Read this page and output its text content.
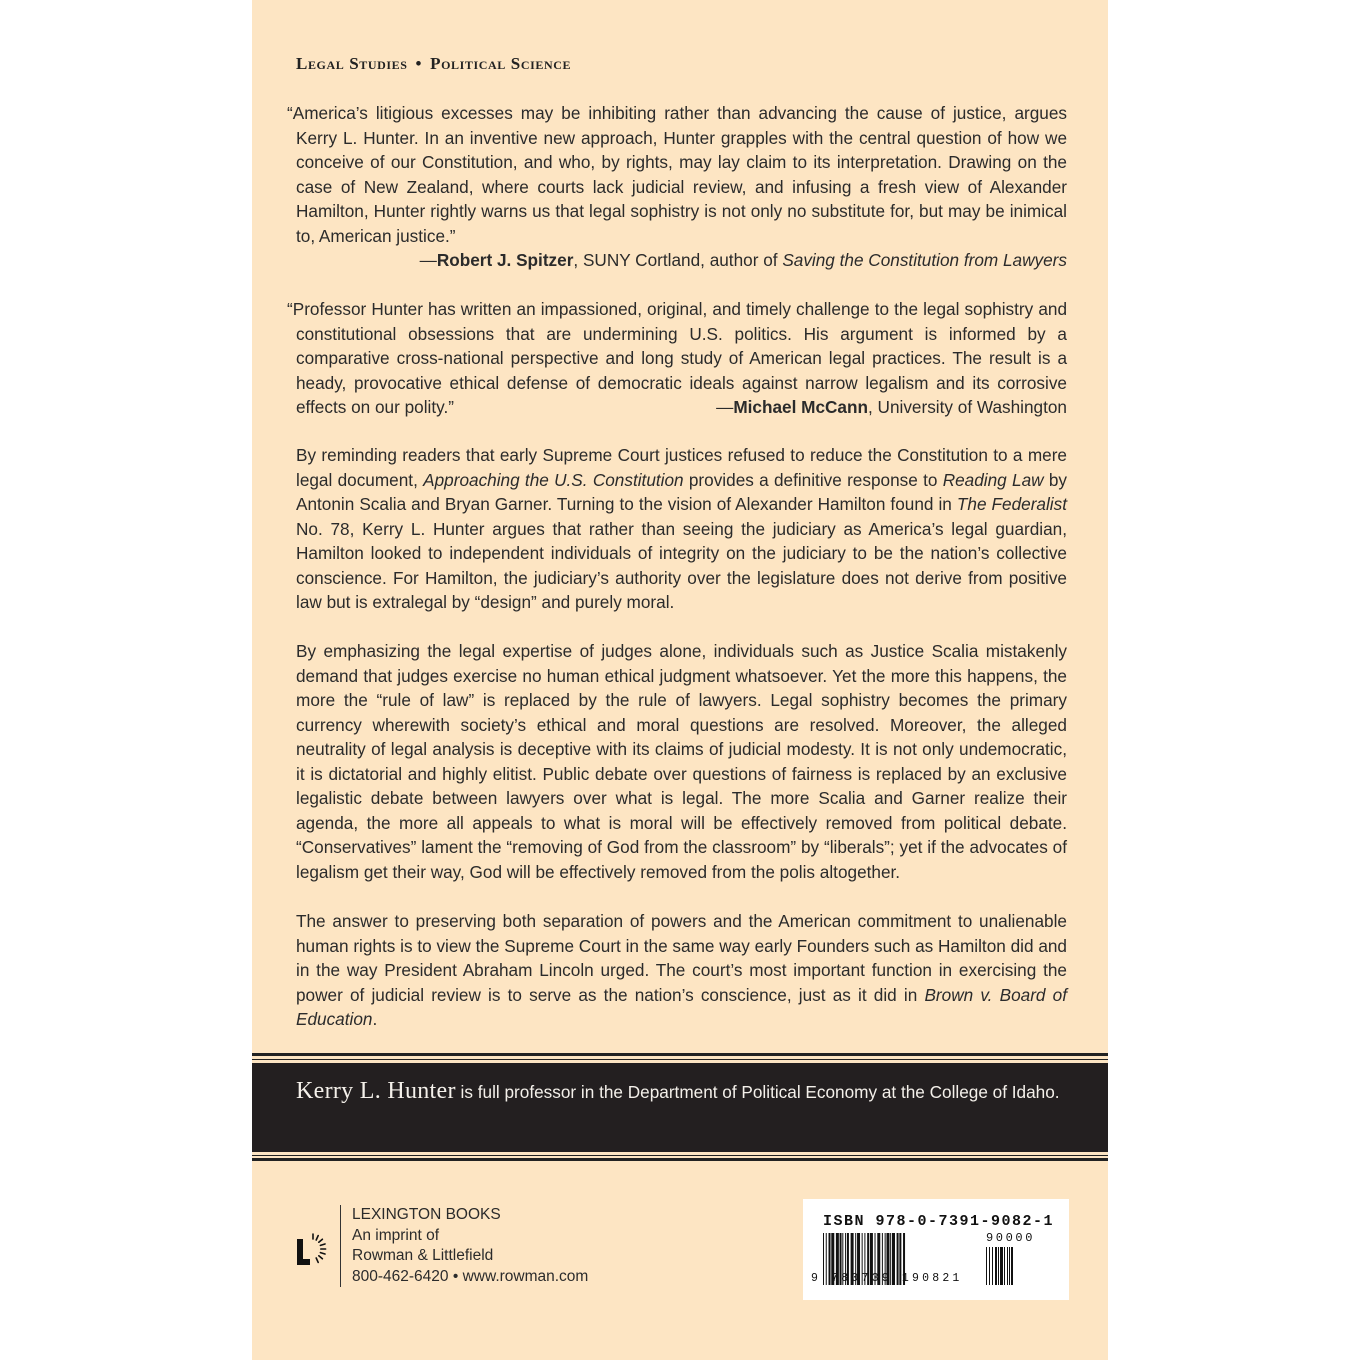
Legal Studies • Political Science

“America’s litigious excesses may be inhibiting rather than advancing the cause of justice, argues Kerry L. Hunter. In an inventive new approach, Hunter grapples with the central question of how we conceive of our Constitution, and who, by rights, may lay claim to its interpretation. Drawing on the case of New Zealand, where courts lack judicial review, and infusing a fresh view of Alexander Hamilton, Hunter rightly warns us that legal sophistry is not only no substitute for, but may be inimical to, American justice.”

—Robert J. Spitzer, SUNY Cortland, author of Saving the Constitution from Lawyers

“Professor Hunter has written an impassioned, original, and timely challenge to the legal sophistry and constitutional obsessions that are undermining U.S. politics. His argument is informed by a comparative cross-national perspective and long study of American legal practices. The result is a heady, provocative ethical defense of democratic ideals against narrow legalism and its corrosive effects on our polity.”	—Michael McCann, University of Washington

By reminding readers that early Supreme Court justices refused to reduce the Constitution to a mere legal document, Approaching the U.S. Constitution provides a definitive response to Reading Law by Antonin Scalia and Bryan Garner. Turning to the vision of Alexander Hamilton found in The Federalist No. 78, Kerry L. Hunter argues that rather than seeing the judiciary as America’s legal guardian, Hamilton looked to independent individuals of integrity on the judiciary to be the nation’s collective conscience. For Hamilton, the judiciary’s authority over the legislature does not derive from positive law but is extralegal by “design” and purely moral.

By emphasizing the legal expertise of judges alone, individuals such as Justice Scalia mistakenly demand that judges exercise no human ethical judgment whatsoever. Yet the more this happens, the more the “rule of law” is replaced by the rule of lawyers. Legal sophistry becomes the primary currency wherewith society’s ethical and moral questions are resolved. Moreover, the alleged neutrality of legal analysis is deceptive with its claims of judicial modesty. It is not only undemocratic, it is dictatorial and highly elitist. Public debate over questions of fairness is replaced by an exclusive legalistic debate between lawyers over what is legal. The more Scalia and Garner realize their agenda, the more all appeals to what is moral will be effectively removed from political debate. “Conservatives” lament the “removing of God from the classroom” by “liberals”; yet if the advocates of legalism get their way, God will be effectively removed from the polis altogether.

The answer to preserving both separation of powers and the American commitment to unalienable human rights is to view the Supreme Court in the same way early Founders such as Hamilton did and in the way President Abraham Lincoln urged. The court’s most important function in exercising the power of judicial review is to serve as the nation’s conscience, just as it did in Brown v. Board of Education.

Kerry L. Hunter is full professor in the Department of Political Economy at the College of Idaho.
LEXINGTON BOOKS
An imprint of
Rowman & Littlefield
800-462-6420 • www.rowman.com
ISBN 978-0-7391-9082-1
90000
9 780739 190821
